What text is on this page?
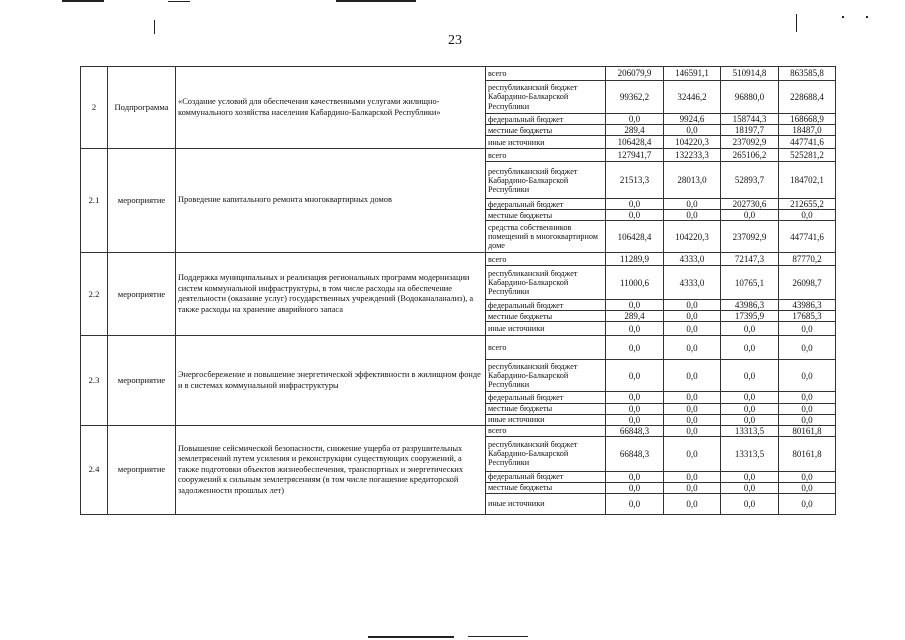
23
2	Подпрограмма	«Создание условий для обеспечения качественными услугами жилищно-коммунального хозяйства населения Кабардино-Балкарской Республики»	всего	206079,9	146591,1	510914,8	863585,8
			республиканский бюджет Кабардино-Балкарской Республики	99362,2	32446,2	96880,0	228688,4
			федеральный бюджет	0,0	9924,6	158744,3	168668,9
			местные бюджеты	289,4	0,0	18197,7	18487,0
			иные источники	106428,4	104220,3	237092,9	447741,6
2.1	мероприятие	Проведение капитального ремонта многоквартирных домов	всего	127941,7	132233,3	265106,2	525281,2
			республиканский бюджет Кабардино-Балкарской Республики	21513,3	28013,0	52893,7	184702,1
			федеральный бюджет	0,0	0,0	202730,6	212655,2
			местные бюджеты	0,0	0,0	0,0	0,0
			средства собственников помещений в многоквартирном доме	106428,4	104220,3	237092,9	447741,6
2.2	мероприятие	Поддержка муниципальных и реализация региональных программ модернизации систем коммунальной инфраструктуры, в том числе расходы на обеспечение деятельности (оказание услуг) государственных учреждений (Водоканаланализ), а также расходы на хранение аварийного запаса	всего	11289,9	4333,0	72147,3	87770,2
			республиканский бюджет Кабардино-Балкарской Республики	11000,6	4333,0	10765,1	26098,7
			федеральный бюджет	0,0	0,0	43986,3	43986,3
			местные бюджеты	289,4	0,0	17395,9	17685,3
			иные источники	0,0	0,0	0,0	0,0
2.3	мероприятие	Энергосбережение и повышение энергетической эффективности в жилищном фонде и в системах коммунальной инфраструктуры	всего	0,0	0,0	0,0	0,0
			республиканский бюджет Кабардино-Балкарской Республики	0,0	0,0	0,0	0,0
			федеральный бюджет	0,0	0,0	0,0	0,0
			местные бюджеты	0,0	0,0	0,0	0,0
			иные источники	0,0	0,0	0,0	0,0
2.4	мероприятие	Повышение сейсмической безопасности, снижение ущерба от разрушительных землетрясений путем усиления и реконструкции существующих сооружений, а также подготовки объектов жизнеобеспечения, транспортных и энергетических сооружений к сильным землетрясениям (в том числе погашение кредиторской задолженности прошлых лет)	всего	66848,3	0,0	13313,5	80161,8
			республиканский бюджет Кабардино-Балкарской Республики	66848,3	0,0	13313,5	80161,8
			федеральный бюджет	0,0	0,0	0,0	0,0
			местные бюджеты	0,0	0,0	0,0	0,0
			иные источники	0,0	0,0	0,0	0,0
